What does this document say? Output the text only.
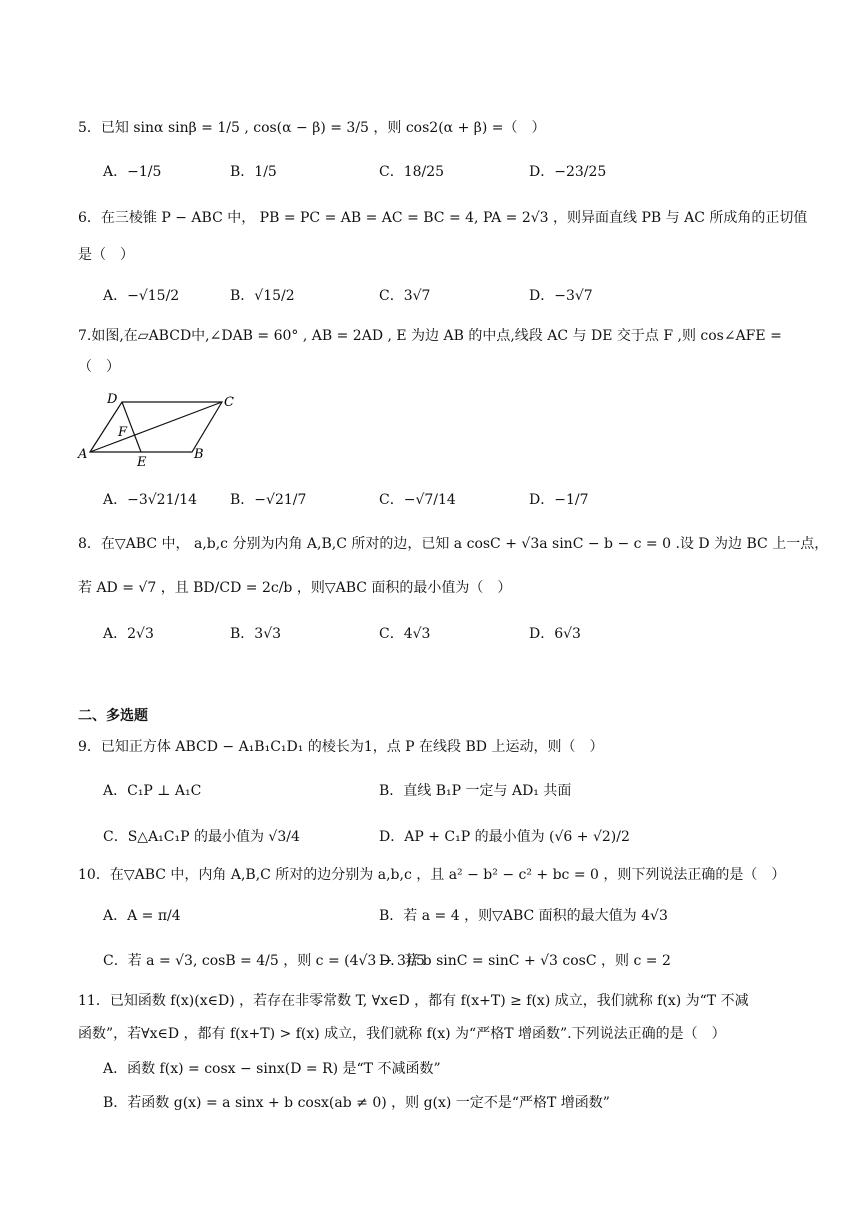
5．已知 sinα sinβ = 1/5 , cos(α − β) = 3/5 ，则 cos2(α + β) =（　）
A．−1/5	B．1/5	C．18/25	D．−23/25
6．在三棱锥 P − ABC 中， PB = PC = AB = AC = BC = 4, PA = 2√3 ，则异面直线 PB 与 AC 所成角的正切值
是（　）
A．−√15/2	B．√15/2	C．3√7	D．−3√7
7.如图,在▱ABCD中,∠DAB = 60° , AB = 2AD , E 为边 AB 的中点,线段 AC 与 DE 交于点 F ,则 cos∠AFE =
（　）
D	C
F
A
E
B
A．−3√21/14 B．−√21/7	C．−√7/14	D．−1/7
8．在▽ABC 中， a,b,c 分别为内角 A,B,C 所对的边，已知 a cosC + √3a sinC − b − c = 0 .设 D 为边 BC 上一点，
若 AD = √7 ，且 BD/CD = 2c/b ，则▽ABC 面积的最小值为（　）
A．2√3	B．3√3	C．4√3	D．6√3
二、多选题
9．已知正方体 ABCD − A₁B₁C₁D₁ 的棱长为1，点 P 在线段 BD 上运动，则（　）
A．C₁P ⊥ A₁C	B．直线 B₁P 一定与 AD₁ 共面
C．S△A₁C₁P 的最小值为 √3/4	D．AP + C₁P 的最小值为 (√6 + √2)/2
10．在▽ABC 中，内角 A,B,C 所对的边分别为 a,b,c ，且 a² − b² − c² + bc = 0 ，则下列说法正确的是（　）
A．A = π/4	B．若 a = 4 ，则▽ABC 面积的最大值为 4√3
C．若 a = √3, cosB = 4/5 ，则 c = (4√3 − 3)/5
D．若 b sinC = sinC + √3 cosC ，则 c = 2
11．已知函数 f(x)(x∈D) ，若存在非零常数 T, ∀x∈D ，都有 f(x+T) ≥ f(x) 成立，我们就称 f(x) 为“T 不减
函数”，若∀x∈D ，都有 f(x+T) > f(x) 成立，我们就称 f(x) 为“严格T 增函数”.下列说法正确的是（　）
A．函数 f(x) = cosx − sinx(D = R) 是“T 不减函数”
B．若函数 g(x) = a sinx + b cosx(ab ≠ 0) ，则 g(x) 一定不是“严格T 增函数”
